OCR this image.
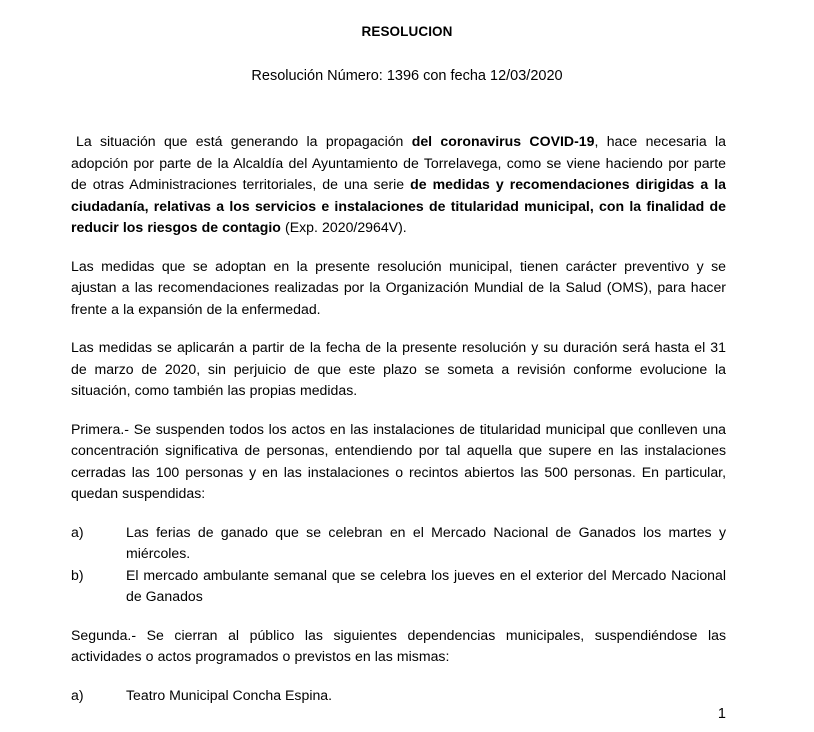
RESOLUCION
Resolución Número: 1396 con fecha 12/03/2020

La situación que está generando la propagación del coronavirus COVID-19, hace necesaria la adopción por parte de la Alcaldía del Ayuntamiento de Torrelavega, como se viene haciendo por parte de otras Administraciones territoriales, de una serie de medidas y recomendaciones dirigidas a la ciudadanía, relativas a los servicios e instalaciones de titularidad municipal, con la finalidad de reducir los riesgos de contagio (Exp. 2020/2964V).

Las medidas que se adoptan en la presente resolución municipal, tienen carácter preventivo y se ajustan a las recomendaciones realizadas por la Organización Mundial de la Salud (OMS), para hacer frente a la expansión de la enfermedad.

Las medidas se aplicarán a partir de la fecha de la presente resolución y su duración será hasta el 31 de marzo de 2020, sin perjuicio de que este plazo se someta a revisión conforme evolucione la situación, como también las propias medidas.

Primera.- Se suspenden todos los actos en las instalaciones de titularidad municipal que conlleven una concentración significativa de personas, entendiendo por tal aquella que supere en las instalaciones cerradas las 100 personas y en las instalaciones o recintos abiertos las 500 personas. En particular, quedan suspendidas:

a)	Las ferias de ganado que se celebran en el Mercado Nacional de Ganados los martes y miércoles.
b)	El mercado ambulante semanal que se celebra los jueves en el exterior del Mercado Nacional de Ganados

Segunda.- Se cierran al público las siguientes dependencias municipales, suspendiéndose las actividades o actos programados o previstos en las mismas:

a)	Teatro Municipal Concha Espina.
1
